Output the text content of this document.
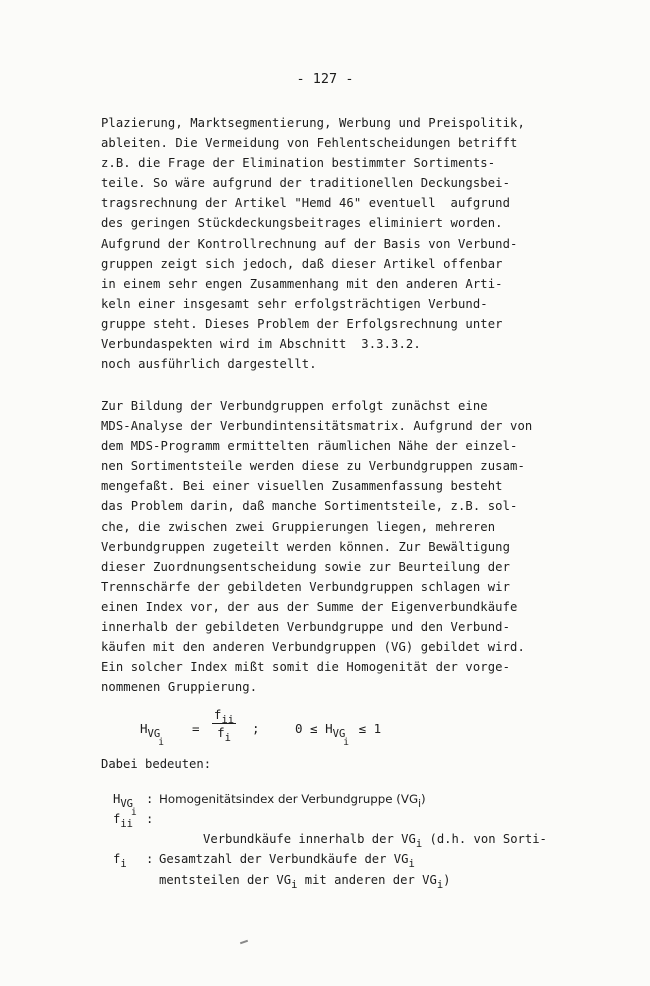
- 127 -
Plazierung, Marktsegmentierung, Werbung und Preispolitik,
ableiten. Die Vermeidung von Fehlentscheidungen betrifft
z.B. die Frage der Elimination bestimmter Sortiments-
teile. So wäre aufgrund der traditionellen Deckungsbei-
tragsrechnung der Artikel "Hemd 46" eventuell  aufgrund
des geringen Stückdeckungsbeitrages eliminiert worden.
Aufgrund der Kontrollrechnung auf der Basis von Verbund-
gruppen zeigt sich jedoch, daß dieser Artikel offenbar
in einem sehr engen Zusammenhang mit den anderen Arti-
keln einer insgesamt sehr erfolgsträchtigen Verbund-
gruppe steht. Dieses Problem der Erfolgsrechnung unter
Verbundaspekten wird im Abschnitt  3.3.3.2.
noch ausführlich dargestellt.
Zur Bildung der Verbundgruppen erfolgt zunächst eine
MDS-Analyse der Verbundintensitätsmatrix. Aufgrund der von
dem MDS-Programm ermittelten räumlichen Nähe der einzel-
nen Sortimentsteile werden diese zu Verbundgruppen zusam-
mengefaßt. Bei einer visuellen Zusammenfassung besteht
das Problem darin, daß manche Sortimentsteile, z.B. sol-
che, die zwischen zwei Gruppierungen liegen, mehreren
Verbundgruppen zugeteilt werden können. Zur Bewältigung
dieser Zuordnungsentscheidung sowie zur Beurteilung der
Trennschärfe der gebildeten Verbundgruppen schlagen wir
einen Index vor, der aus der Summe der Eigenverbundkäufe
innerhalb der gebildeten Verbundgruppe und den Verbund-
käufen mit den anderen Verbundgruppen (VG) gebildet wird.
Ein solcher Index mißt somit die Homogenität der vorge-
nommenen Gruppierung.
$H_{VGi}$
=
$f_{ii}$
$f_i$
;	$0 \le H_{VGi} \le 1$
Dabei bedeuten:
HVGi
: Homogenitätsindex der Verbundgruppe (VGi)
fii :

Verbundkäufe innerhalb der VGi (d.h. von Sorti-

mentsteilen der VGi mit anderen der VGi)

fi : Gesamtzahl der Verbundkäufe der VGi
